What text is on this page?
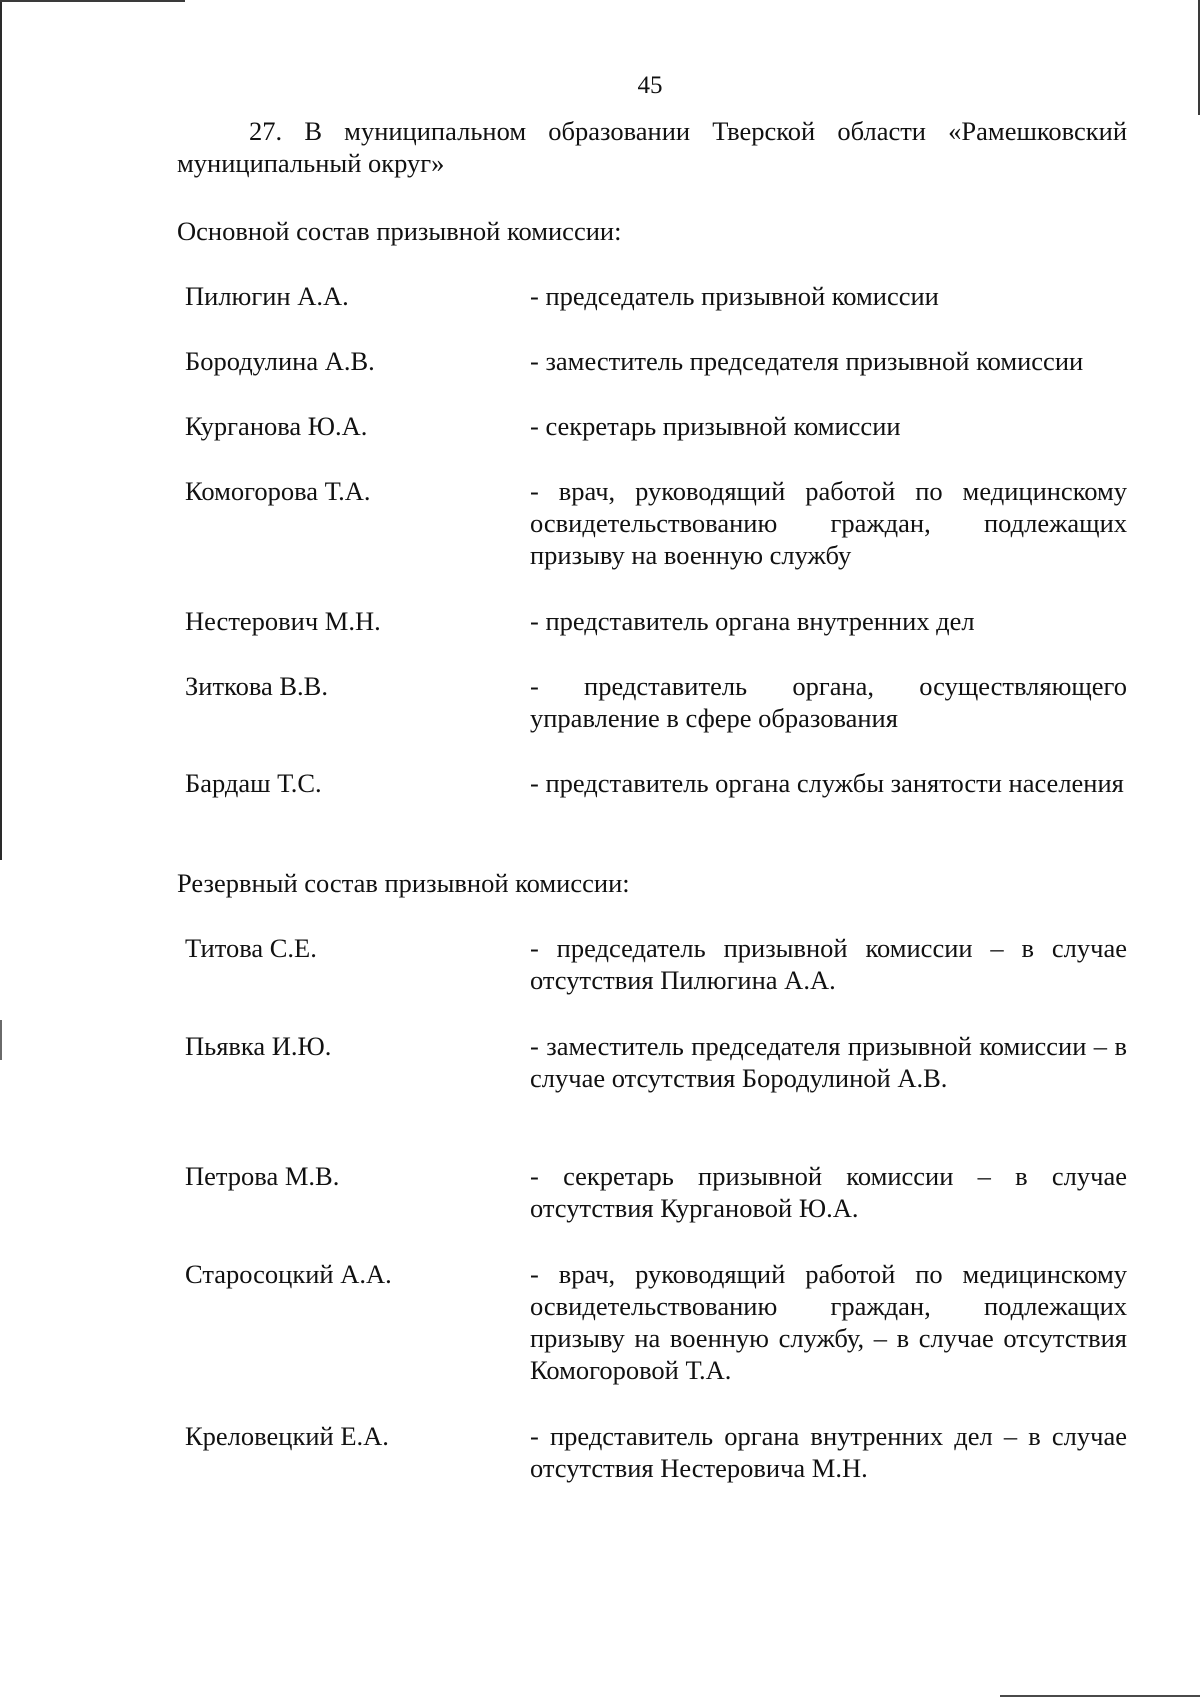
45
27. В муниципальном образовании Тверской области «Рамешковский муниципальный округ»
Основной состав призывной комиссии:
Пилюгин А.А.	- председатель призывной комиссии
Бородулина А.В.	- заместитель председателя призывной комиссии
Курганова Ю.А.	- секретарь призывной комиссии
Комогорова Т.А.	- врач, руководящий работой по медицинскому освидетельствованию граждан, подлежащих призыву на военную службу
Нестерович М.Н.	- представитель органа внутренних дел
Зиткова В.В.	- представитель органа, осуществляющего управление в сфере образования
Бардаш Т.С.	- представитель органа службы занятости населения
Резервный состав призывной комиссии:
Титова С.Е.	- председатель призывной комиссии – в случае отсутствия Пилюгина А.А.
Пьявка И.Ю.	- заместитель председателя призывной комиссии – в случае отсутствия Бородулиной А.В.
Петрова М.В.	- секретарь призывной комиссии – в случае отсутствия Кургановой Ю.А.
Старосоцкий А.А.	- врач, руководящий работой по медицинскому освидетельствованию граждан, подлежащих призыву на военную службу, – в случае отсутствия Комогоровой Т.А.
Креловецкий Е.А.	- представитель органа внутренних дел – в случае отсутствия Нестеровича М.Н.
